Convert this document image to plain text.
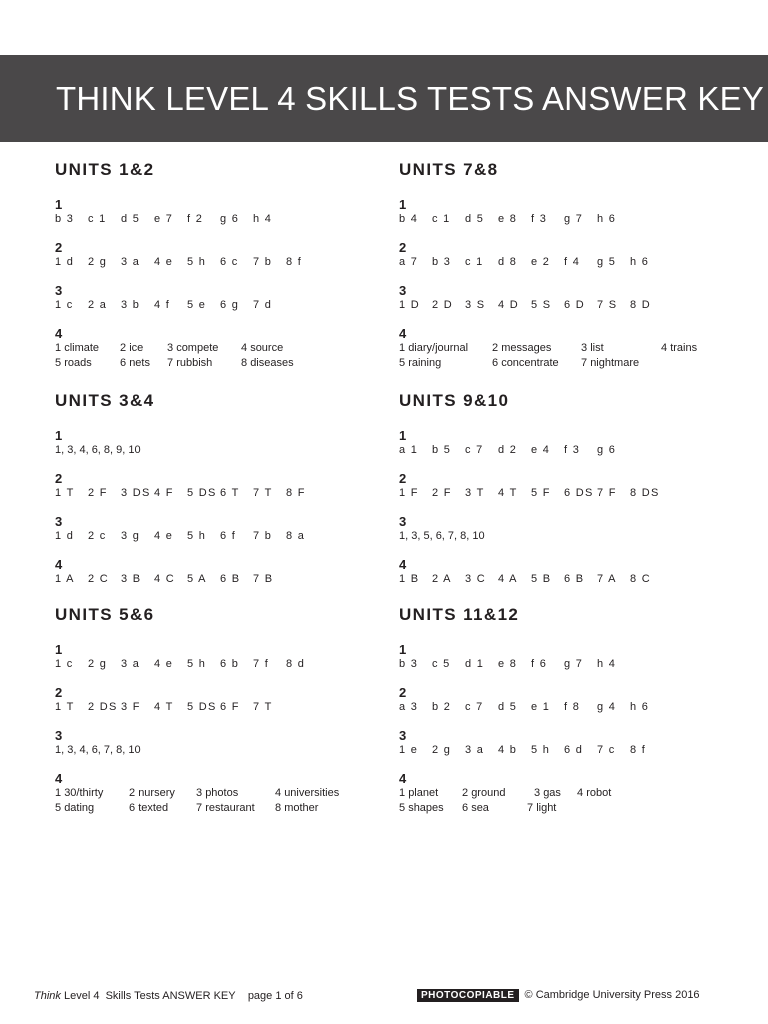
THINK LEVEL 4 SKILLS TESTS ANSWER KEY
UNITS 1&2
1
b 3 c 1 d 5 e 7 f 2 g 6 h 4
2
1 d 2 g 3 a 4 e 5 h 6 c 7 b 8 f
3
1 c 2 a 3 b 4 f 5 e 6 g 7 d
4
1 climate 2 ice 3 compete 4 source
5 roads	6 nets 7 rubbish	8 diseases
UNITS 3&4
1
1, 3, 4, 6, 8, 9, 10
2
1 T 2 F 3 DS 4 F 5 DS 6 T 7 T 8 F
3
1 d 2 c 3 g 4 e 5 h 6 f 7 b 8 a
4
1 A 2 C 3 B 4 C 5 A 6 B 7 B
UNITS 5&6
1
1 c 2 g 3 a 4 e 5 h 6 b 7 f 8 d
2
1 T 2 DS 3 F 4 T 5 DS 6 F 7 T
3
1, 3, 4, 6, 7, 8, 10
4
1 30/thirty 2 nursery 3 photos	4 universities
5 dating	6 texted	7 restaurant 8 mother
UNITS 7&8
1
b 4 c 1 d 5 e 8 f 3 g 7 h 6
2
a 7 b 3 c 1 d 8 e 2 f 4 g 5 h 6
3
1 D 2 D 3 S 4 D 5 S 6 D 7 S 8 D
4
1 diary/journal 2 messages	3 list	4 trains
5 raining	6 concentrate 7 nightmare
UNITS 9&10
1
a 1 b 5 c 7 d 2 e 4 f 3 g 6
2
1 F 2 F 3 T 4 T 5 F 6 DS 7 F 8 DS
3
1, 3, 5, 6, 7, 8, 10
4
1 B 2 A 3 C 4 A 5 B 6 B 7 A 8 C
UNITS 11&12
1
b 3 c 5 d 1 e 8 f 6 g 7 h 4
2
a 3 b 2 c 7 d 5 e 1 f 8 g 4 h 6
3
1 e 2 g 3 a 4 b 5 h 6 d 7 c 8 f
4
1 planet 2 ground	3 gas 4 robot
5 shapes 6 sea	7 light
Think Level 4 Skills Tests ANSWER KEY page 1 of 6	PHOTOCOPIABLE © Cambridge University Press 2016
